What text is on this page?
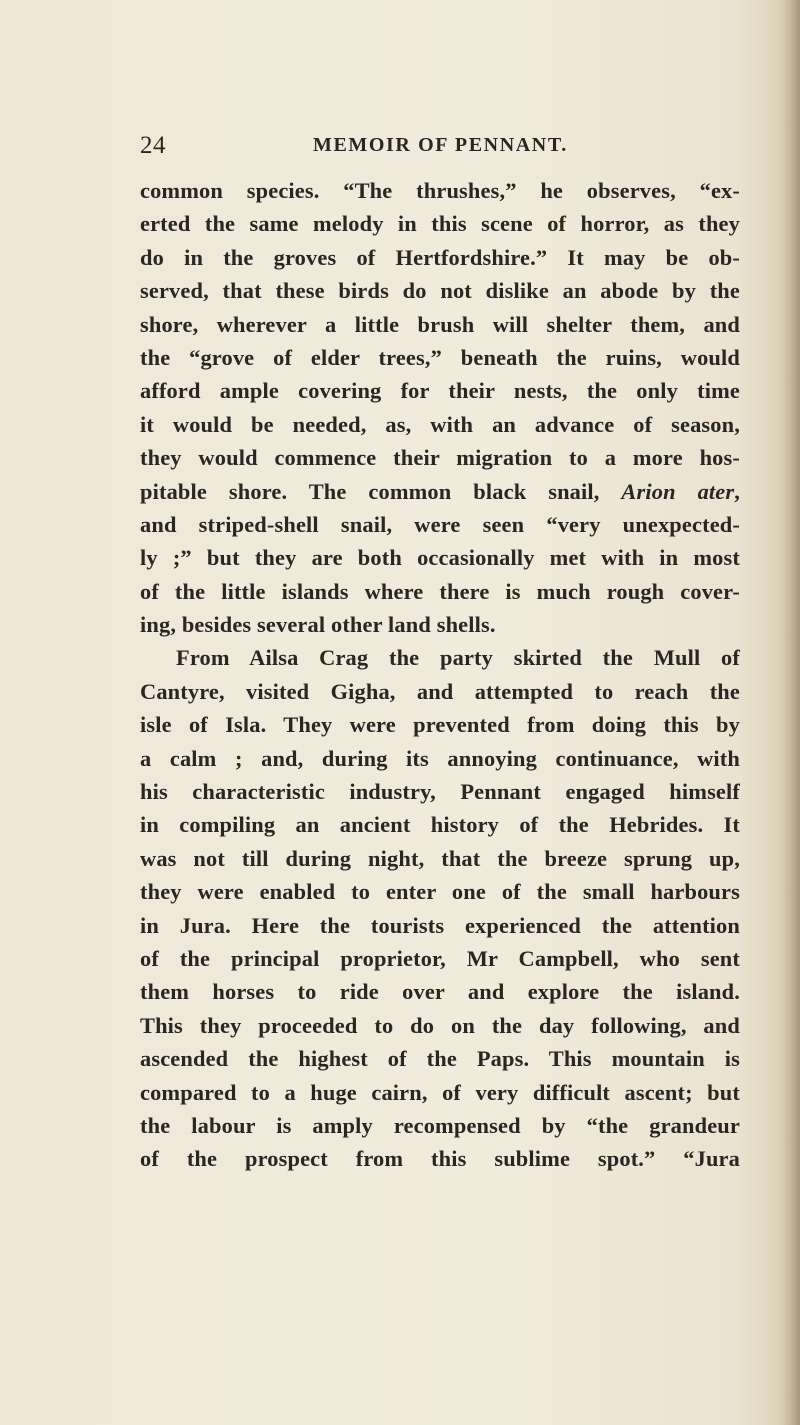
24	MEMOIR OF PENNANT.
common species. “The thrushes,” he observes, “ex-
erted the same melody in this scene of horror, as they
do in the groves of Hertfordshire.” It may be ob-
served, that these birds do not dislike an abode by the
shore, wherever a little brush will shelter them, and
the “grove of elder trees,” beneath the ruins, would
afford ample covering for their nests, the only time
it would be needed, as, with an advance of season,
they would commence their migration to a more hos-
pitable shore. The common black snail, Arion ater,
and striped-shell snail, were seen “very unexpected-
ly ;” but they are both occasionally met with in most
of the little islands where there is much rough cover-
ing, besides several other land shells.
From Ailsa Crag the party skirted the Mull of
Cantyre, visited Gigha, and attempted to reach the
isle of Isla. They were prevented from doing this by
a calm ; and, during its annoying continuance, with
his characteristic industry, Pennant engaged himself
in compiling an ancient history of the Hebrides. It
was not till during night, that the breeze sprung up,
they were enabled to enter one of the small harbours
in Jura. Here the tourists experienced the attention
of the principal proprietor, Mr Campbell, who sent
them horses to ride over and explore the island.
This they proceeded to do on the day following, and
ascended the highest of the Paps. This mountain is
compared to a huge cairn, of very difficult ascent; but
the labour is amply recompensed by “the grandeur
of the prospect from this sublime spot.” “Jura
